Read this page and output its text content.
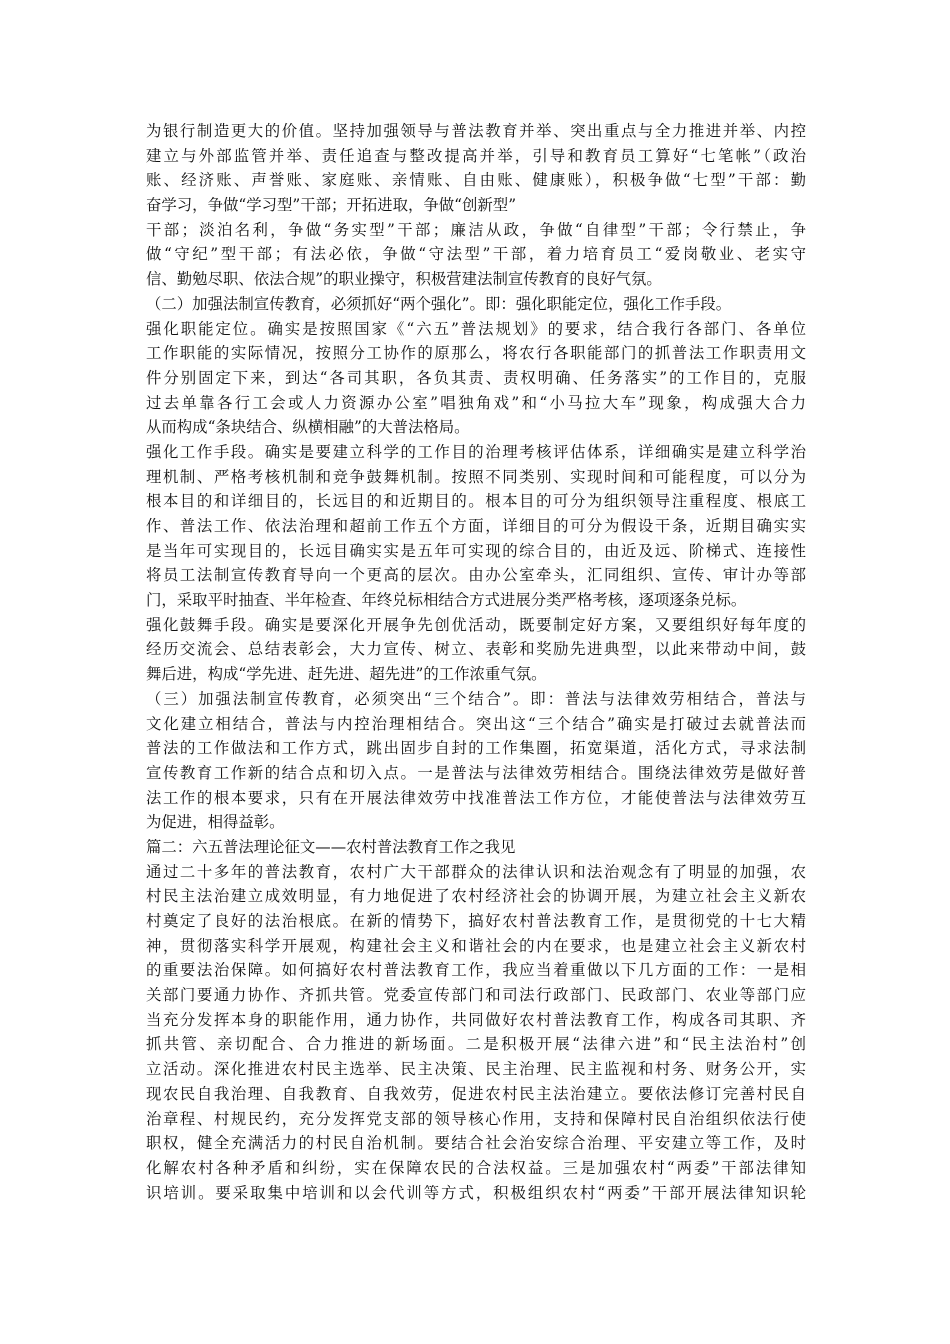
为银行制造更大的价值。坚持加强领导与普法教育并举、突出重点与全力推进并举、内控
建立与外部监管并举、责任追查与整改提高并举，引导和教育员工算好“七笔帐”（政治
账、经济账、声誉账、家庭账、亲情账、自由账、健康账），积极争做“七型”干部：勤
奋学习，争做“学习型”干部；开拓进取，争做“创新型”
干部；淡泊名利，争做“务实型”干部；廉洁从政，争做“自律型”干部；令行禁止，争
做“守纪”型干部；有法必依，争做“守法型”干部，着力培育员工“爱岗敬业、老实守
信、勤勉尽职、依法合规”的职业操守，积极营建法制宣传教育的良好气氛。
（二）加强法制宣传教育，必须抓好“两个强化”。即：强化职能定位，强化工作手段。
强化职能定位。确实是按照国家《“六五”普法规划》的要求，结合我行各部门、各单位
工作职能的实际情况，按照分工协作的原那么，将农行各职能部门的抓普法工作职责用文
件分别固定下来，到达“各司其职，各负其责、责权明确、任务落实”的工作目的，克服
过去单靠各行工会或人力资源办公室”唱独角戏”和“小马拉大车”现象，构成强大合力
从而构成“条块结合、纵横相融”的大普法格局。
强化工作手段。确实是要建立科学的工作目的治理考核评估体系，详细确实是建立科学治
理机制、严格考核机制和竞争鼓舞机制。按照不同类别、实现时间和可能程度，可以分为
根本目的和详细目的，长远目的和近期目的。根本目的可分为组织领导注重程度、根底工
作、普法工作、依法治理和超前工作五个方面，详细目的可分为假设干条，近期目确实实
是当年可实现目的，长远目确实实是五年可实现的综合目的，由近及远、阶梯式、连接性
将员工法制宣传教育导向一个更高的层次。由办公室牵头，汇同组织、宣传、审计办等部
门，采取平时抽查、半年检查、年终兑标相结合方式进展分类严格考核，逐项逐条兑标。
强化鼓舞手段。确实是要深化开展争先创优活动，既要制定好方案，又要组织好每年度的
经历交流会、总结表彰会，大力宣传、树立、表彰和奖励先进典型，以此来带动中间，鼓
舞后进，构成“学先进、赶先进、超先进”的工作浓重气氛。
（三）加强法制宣传教育，必须突出“三个结合”。即：普法与法律效劳相结合，普法与
文化建立相结合，普法与内控治理相结合。突出这“三个结合”确实是打破过去就普法而
普法的工作做法和工作方式，跳出固步自封的工作集圈，拓宽渠道，活化方式，寻求法制
宣传教育工作新的结合点和切入点。一是普法与法律效劳相结合。围绕法律效劳是做好普
法工作的根本要求，只有在开展法律效劳中找准普法工作方位，才能使普法与法律效劳互
为促进，相得益彰。
篇二：六五普法理论征文——农村普法教育工作之我见
通过二十多年的普法教育，农村广大干部群众的法律认识和法治观念有了明显的加强，农
村民主法治建立成效明显，有力地促进了农村经济社会的协调开展，为建立社会主义新农
村奠定了良好的法治根底。在新的情势下，搞好农村普法教育工作，是贯彻党的十七大精
神，贯彻落实科学开展观，构建社会主义和谐社会的内在要求，也是建立社会主义新农村
的重要法治保障。如何搞好农村普法教育工作，我应当着重做以下几方面的工作：一是相
关部门要通力协作、齐抓共管。党委宣传部门和司法行政部门、民政部门、农业等部门应
当充分发挥本身的职能作用，通力协作，共同做好农村普法教育工作，构成各司其职、齐
抓共管、亲切配合、合力推进的新场面。二是积极开展“法律六进”和“民主法治村”创
立活动。深化推进农村民主选举、民主决策、民主治理、民主监视和村务、财务公开，实
现农民自我治理、自我教育、自我效劳，促进农村民主法治建立。要依法修订完善村民自
治章程、村规民约，充分发挥党支部的领导核心作用，支持和保障村民自治组织依法行使
职权，健全充满活力的村民自治机制。要结合社会治安综合治理、平安建立等工作，及时
化解农村各种矛盾和纠纷，实在保障农民的合法权益。三是加强农村“两委”干部法律知
识培训。要采取集中培训和以会代训等方式，积极组织农村“两委”干部开展法律知识轮
